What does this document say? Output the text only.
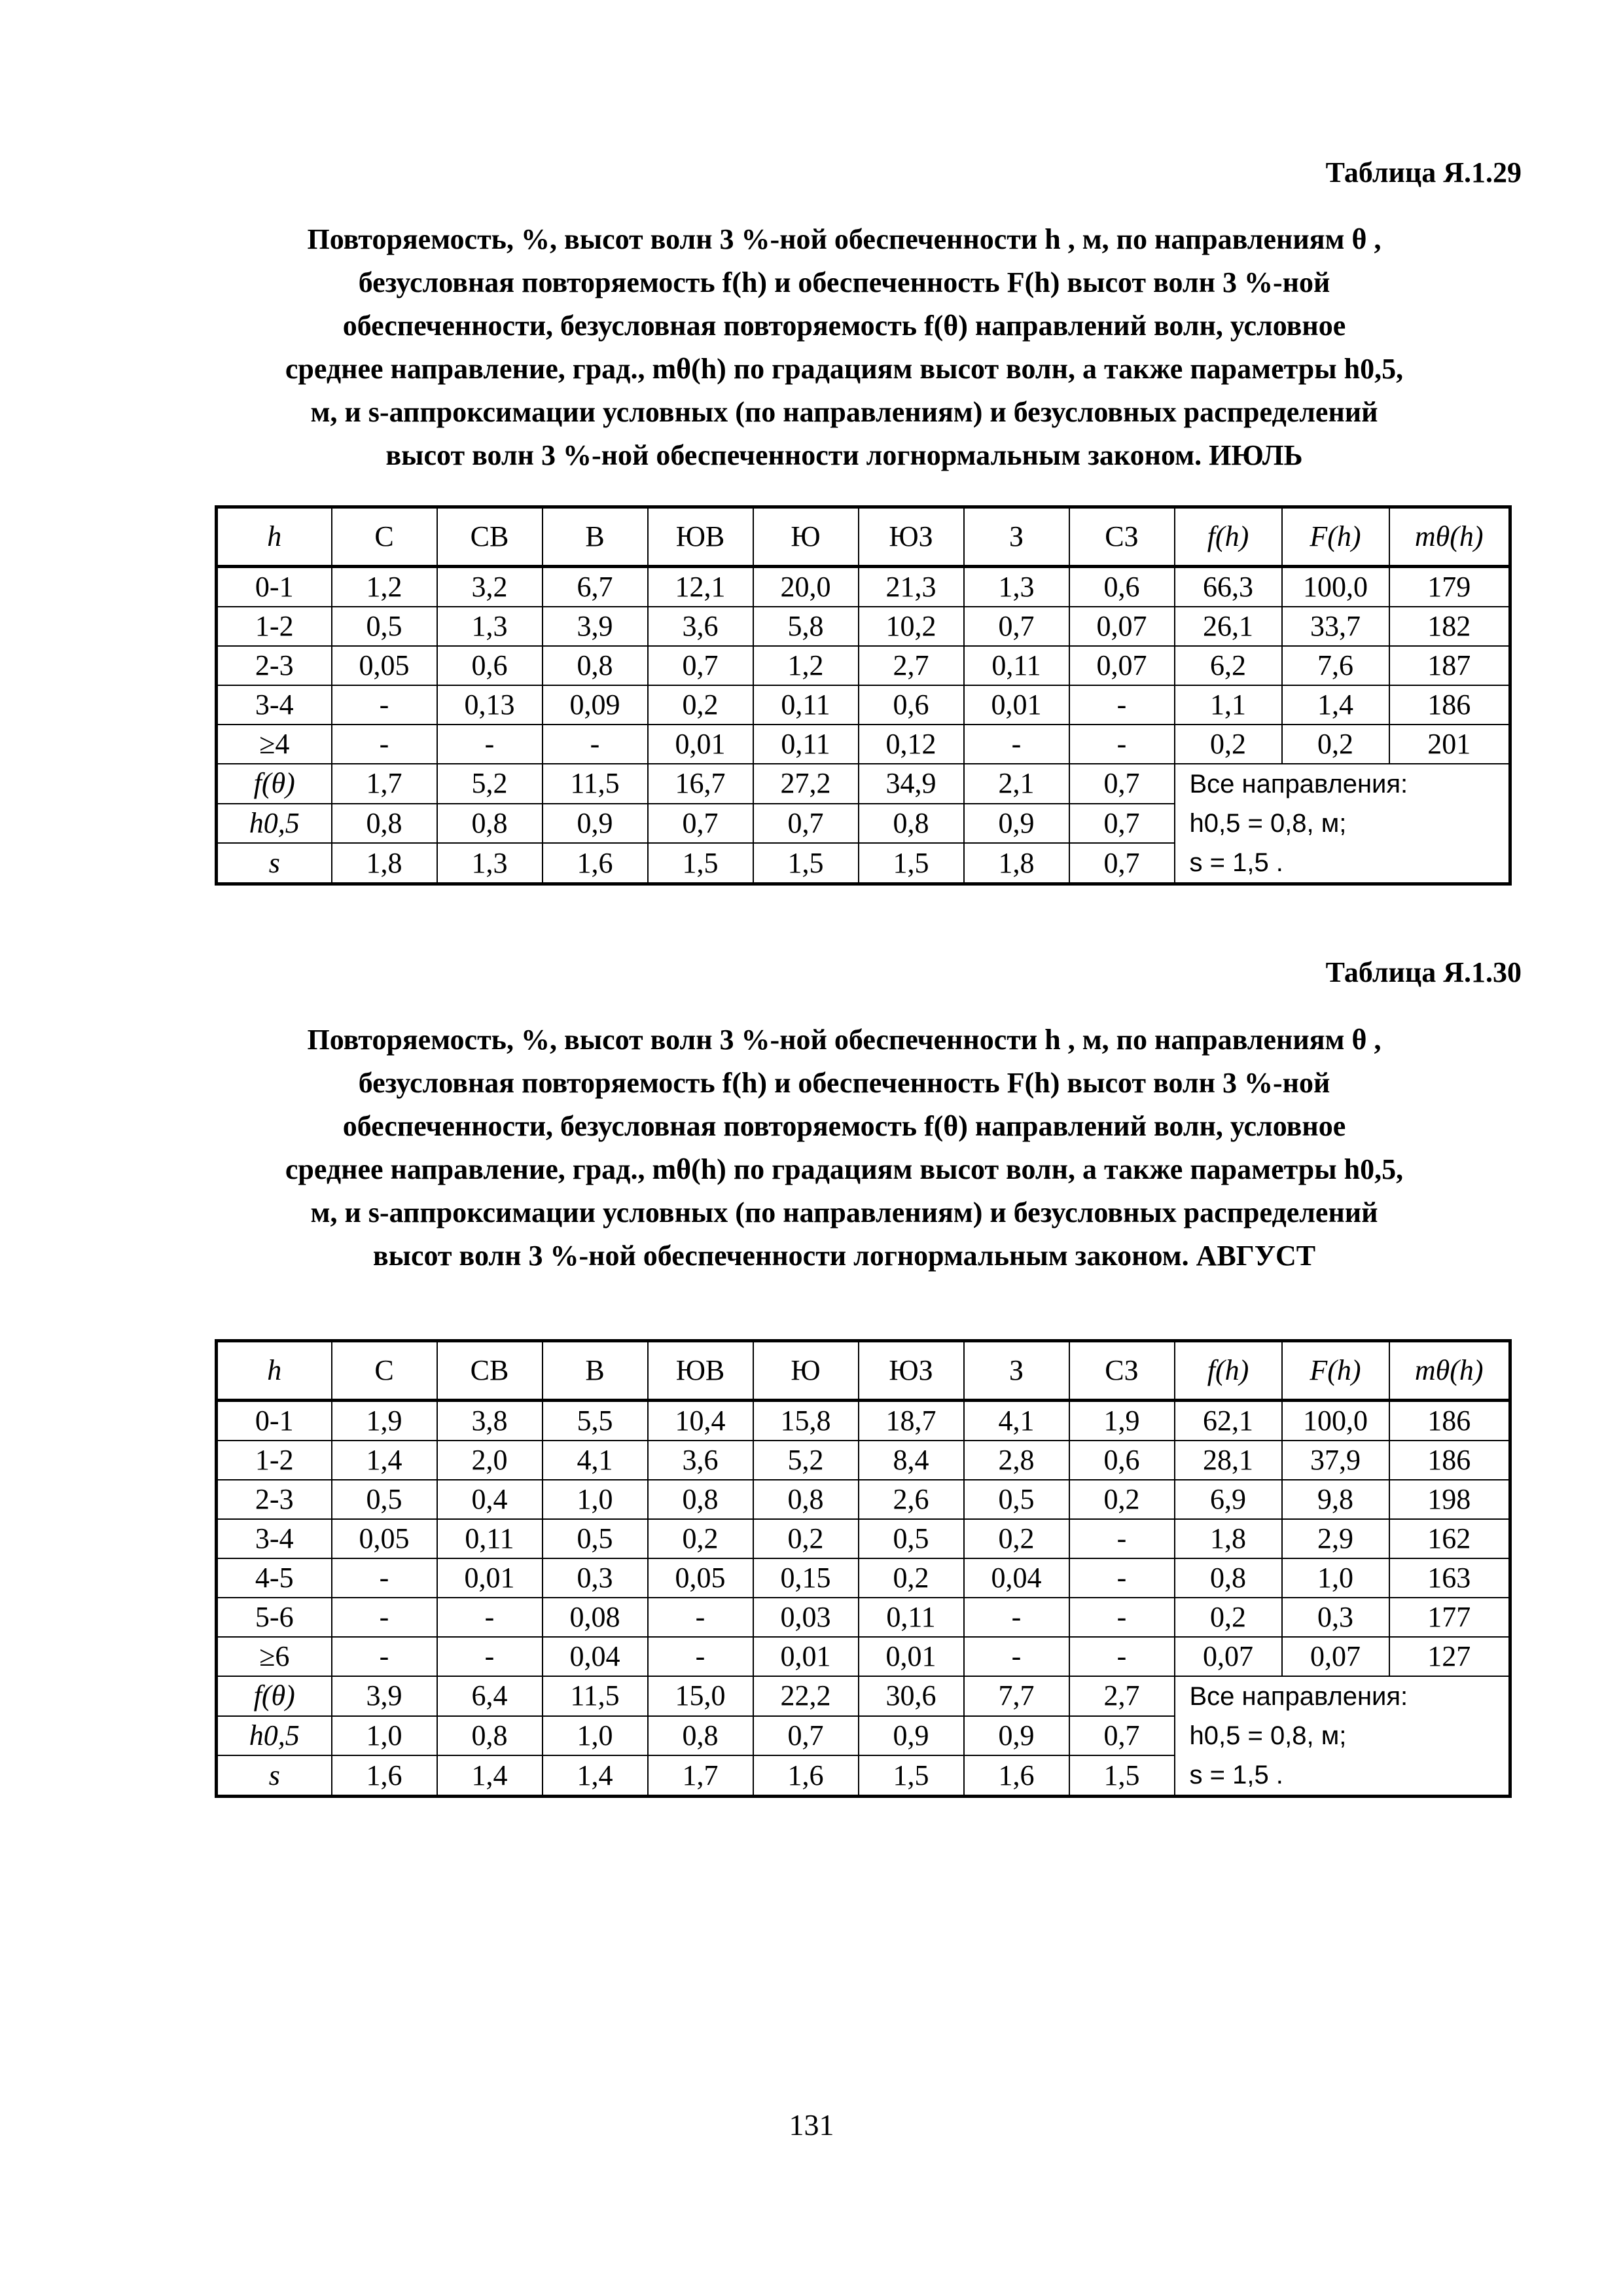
Таблица Я.1.29
Повторяемость, %, высот волн 3 %-ной обеспеченности h , м, по направлениям θ ,
безусловная повторяемость f(h) и обеспеченность F(h) высот волн 3 %-ной
обеспеченности, безусловная повторяемость f(θ) направлений волн, условное
среднее направление, град., mθ(h) по градациям высот волн, а также параметры h0,5,
м, и s-аппроксимации условных (по направлениям) и безусловных распределений
высот волн 3 %-ной обеспеченности логнормальным законом. ИЮЛЬ
h	С	СВ	В	ЮВ	Ю	ЮЗ	З	СЗ	f(h)	F(h)	mθ(h)
0-1	1,2	3,2	6,7	12,1	20,0	21,3	1,3	0,6	66,3	100,0	179
1-2	0,5	1,3	3,9	3,6	5,8	10,2	0,7	0,07	26,1	33,7	182
2-3	0,05	0,6	0,8	0,7	1,2	2,7	0,11	0,07	6,2	7,6	187
3-4	-	0,13	0,09	0,2	0,11	0,6	0,01	-	1,1	1,4	186
≥4	-	-	-	0,01	0,11	0,12	-	-	0,2	0,2	201
f(θ)	1,7	5,2	11,5	16,7	27,2	34,9	2,1	0,7	Все направления:
h0,5 = 0,8, м;
s = 1,5 .		

h0,5	0,8	0,8	0,9	0,7	0,7	0,8	0,9	0,7			
s	1,8	1,3	1,6	1,5	1,5	1,5	1,8	0,7			
Таблица Я.1.30
Повторяемость, %, высот волн 3 %-ной обеспеченности h , м, по направлениям θ ,
безусловная повторяемость f(h) и обеспеченность F(h) высот волн 3 %-ной
обеспеченности, безусловная повторяемость f(θ) направлений волн, условное
среднее направление, град., mθ(h) по градациям высот волн, а также параметры h0,5,
м, и s-аппроксимации условных (по направлениям) и безусловных распределений
высот волн 3 %-ной обеспеченности логнормальным законом. АВГУСТ
h	С	СВ	В	ЮВ	Ю	ЮЗ	З	СЗ	f(h)	F(h)	mθ(h)
0-1	1,9	3,8	5,5	10,4	15,8	18,7	4,1	1,9	62,1	100,0	186
1-2	1,4	2,0	4,1	3,6	5,2	8,4	2,8	0,6	28,1	37,9	186
2-3	0,5	0,4	1,0	0,8	0,8	2,6	0,5	0,2	6,9	9,8	198
3-4	0,05	0,11	0,5	0,2	0,2	0,5	0,2	-	1,8	2,9	162
4-5	-	0,01	0,3	0,05	0,15	0,2	0,04	-	0,8	1,0	163
5-6	-	-	0,08	-	0,03	0,11	-	-	0,2	0,3	177
≥6	-	-	0,04	-	0,01	0,01	-	-	0,07	0,07	127
f(θ)	3,9	6,4	11,5	15,0	22,2	30,6	7,7	2,7	Все направления:
h0,5 = 0,8, м;
s = 1,5 .		

h0,5	1,0	0,8	1,0	0,8	0,7	0,9	0,9	0,7			
s	1,6	1,4	1,4	1,7	1,6	1,5	1,6	1,5			
131
